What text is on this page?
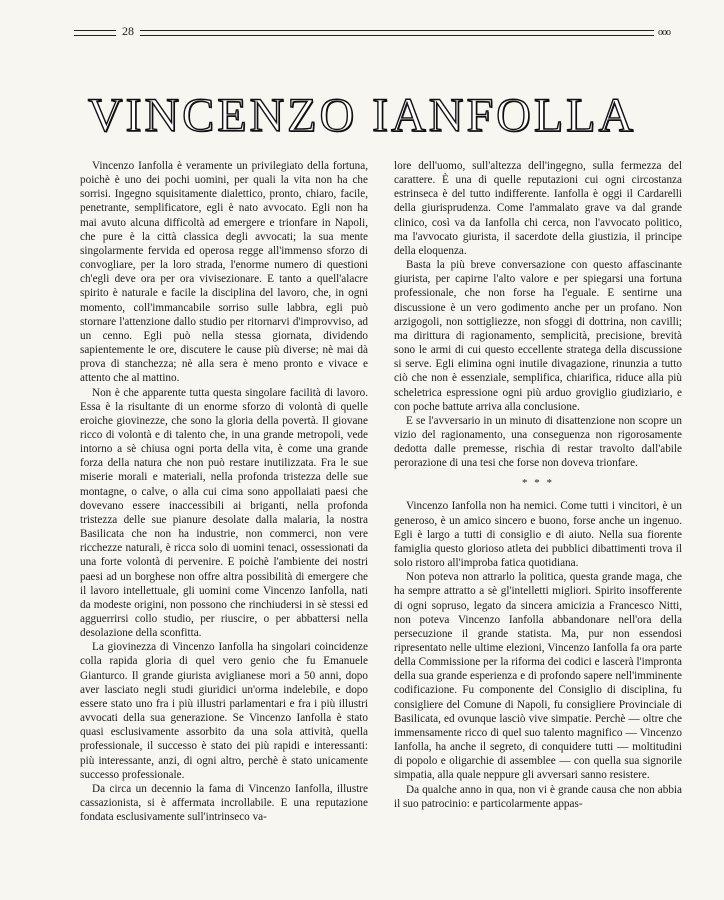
28	ooo
VINCENZO IANFOLLA

Vincenzo Ianfolla è veramente un privilegiato della fortuna, poichè è uno dei pochi uomini, per quali la vita non ha che sorrisi. Ingegno squisitamente dialettico, pronto, chiaro, facile, penetrante, semplificatore, egli è nato avvocato. Egli non ha mai avuto alcuna difficoltà ad emergere e trionfare in Napoli, che pure è la città classica degli avvocati; la sua mente singolarmente fervida ed operosa regge all'immenso sforzo di convogliare, per la loro strada, l'enorme numero di questioni ch'egli deve ora per ora vivisezionare. E tanto a quell'alacre spirito è naturale e facile la disciplina del lavoro, che, in ogni momento, coll'immancabile sorriso sulle labbra, egli può stornare l'attenzione dallo studio per ritornarvi d'improvviso, ad un cenno. Egli può nella stessa giornata, dividendo sapientemente le ore, discutere le cause più diverse; nè mai dà prova di stanchezza; nè alla sera è meno pronto e vivace e attento che al mattino.

Non è che apparente tutta questa singolare facilità di lavoro. Essa è la risultante di un enorme sforzo di volontà di quelle eroiche giovinezze, che sono la gloria della povertà. Il giovane ricco di volontà e di talento che, in una grande metropoli, vede intorno a sè chiusa ogni porta della vita, è come una grande forza della natura che non può restare inutilizzata. Fra le sue miserie morali e materiali, nella profonda tristezza delle sue montagne, o calve, o alla cui cima sono appollaiati paesi che dovevano essere inaccessibili ai briganti, nella profonda tristezza delle sue pianure desolate dalla malaria, la nostra Basilicata che non ha industrie, non commerci, non vere ricchezze naturali, è ricca solo di uomini tenaci, ossessionati da una forte volontà di pervenire. E poichè l'ambiente dei nostri paesi ad un borghese non offre altra possibilità di emergere che il lavoro intellettuale, gli uomini come Vincenzo Ianfolla, nati da modeste origini, non possono che rinchiudersi in sè stessi ed agguerrirsi collo studio, per riuscire, o per abbattersi nella desolazione della sconfitta.

La giovinezza di Vincenzo Ianfolla ha singolari coincidenze colla rapida gloria di quel vero genio che fu Emanuele Gianturco. Il grande giurista aviglianese mori a 50 anni, dopo aver lasciato negli studi giuridici un'orma indelebile, e dopo essere stato uno fra i più illustri parlamentari e fra i più illustri avvocati della sua generazione. Se Vincenzo Ianfolla è stato quasi esclusivamente assorbito da una sola attività, quella professionale, il successo è stato dei più rapidi e interessanti: più interessante, anzi, di ogni altro, perchè è stato unicamente successo professionale.

Da circa un decennio la fama di Vincenzo Ianfolla, illustre cassazionista, si è affermata incrollabile. E una reputazione fondata esclusivamente sull'intrinseco va-

lore dell'uomo, sull'altezza dell'ingegno, sulla fermezza del carattere. È una di quelle reputazioni cui ogni circostanza estrinseca è del tutto indifferente. Ianfolla è oggi il Cardarelli della giurisprudenza. Come l'ammalato grave va dal grande clinico, così va da Ianfolla chi cerca, non l'avvocato politico, ma l'avvocato giurista, il sacerdote della giustizia, il principe della eloquenza.

Basta la più breve conversazione con questo affascinante giurista, per capirne l'alto valore e per spiegarsi una fortuna professionale, che non forse ha l'eguale. E sentirne una discussione è un vero godimento anche per un profano. Non arzigogoli, non sottigliezze, non sfoggi di dottrina, non cavilli; ma dirittura di ragionamento, semplicità, precisione, brevità sono le armi di cui questo eccellente stratega della discussione si serve. Egli elimina ogni inutile divagazione, rinunzia a tutto ciò che non è essenziale, semplifica, chiarifica, riduce alla più scheletrica espressione ogni più arduo groviglio giudiziario, e con poche battute arriva alla conclusione.

E se l'avversario in un minuto di disattenzione non scopre un vizio del ragionamento, una conseguenza non rigorosamente dedotta dalle premesse, rischia di restar travolto dall'abile perorazione di una tesi che forse non doveva trionfare.

* * *

Vincenzo Ianfolla non ha nemici. Come tutti i vincitori, è un generoso, è un amico sincero e buono, forse anche un ingenuo. Egli è largo a tutti di consiglio e di aiuto. Nella sua fiorente famiglia questo glorioso atleta dei pubblici dibattimenti trova il solo ristoro all'improba fatica quotidiana.

Non poteva non attrarlo la politica, questa grande maga, che ha sempre attratto a sè gl'intelletti migliori. Spirito insofferente di ogni sopruso, legato da sincera amicizia a Francesco Nitti, non poteva Vincenzo Ianfolla abbandonare nell'ora della persecuzione il grande statista. Ma, pur non essendosi ripresentato nelle ultime elezioni, Vincenzo Ianfolla fa ora parte della Commissione per la riforma dei codici e lascerà l'impronta della sua grande esperienza e di profondo sapere nell'imminente codificazione. Fu componente del Consiglio di disciplina, fu consigliere del Comune di Napoli, fu consigliere Provinciale di Basilicata, ed ovunque lasciò vive simpatie. Perchè — oltre che immensamente ricco di quel suo talento magnifico — Vincenzo Ianfolla, ha anche il segreto, di conquidere tutti — moltitudini di popolo e oligarchie di assemblee — con quella sua signorile simpatia, alla quale neppure gli avversari sanno resistere.

Da qualche anno in qua, non vi è grande causa che non abbia il suo patrocinio: e particolarmente appas-
